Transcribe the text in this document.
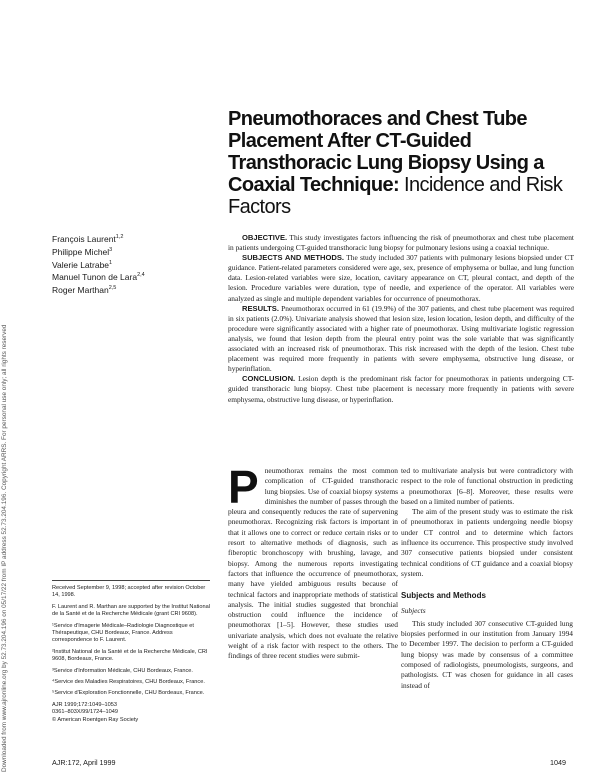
Downloaded from www.ajronline.org by 52.73.204.196 on 05/17/22 from IP address 52.73.204.196. Copyright ARRS. For personal use only; all rights reserved
Pneumothoraces and Chest Tube Placement After CT-Guided Transthoracic Lung Biopsy Using a Coaxial Technique: Incidence and Risk Factors
François Laurent$^{1,2}$
Philippe Michel$^3$
Valerie Latrabe$^1$
Manuel Tunon de Lara$^{2,4}$
Roger Marthan$^{2,5}$

OBJECTIVE. This study investigates factors influencing the risk of pneumothorax and chest tube placement in patients undergoing CT-guided transthoracic lung biopsy for pulmonary lesions using a coaxial technique.

SUBJECTS AND METHODS. The study included 307 patients with pulmonary lesions biopsied under CT guidance. Patient-related parameters considered were age, sex, presence of emphysema or bullae, and lung function data. Lesion-related variables were size, location, cavitary appearance on CT, pleural contact, and depth of the lesion. Procedure variables were duration, type of needle, and experience of the operator. All variables were analyzed as single and multiple dependent variables for occurrence of pneumothorax.

RESULTS. Pneumothorax occurred in 61 (19.9%) of the 307 patients, and chest tube placement was required in six patients (2.0%). Univariate analysis showed that lesion size, lesion location, lesion depth, and difficulty of the procedure were significantly associated with a higher rate of pneumothorax. Using multivariate logistic regression analysis, we found that lesion depth from the pleural entry point was the sole variable that was significantly associated with an increased risk of pneumothorax. This risk increased with the depth of the lesion. Chest tube placement was required more frequently in patients with severe emphysema, obstructive lung disease, or hyperinflation.

CONCLUSION. Lesion depth is the predominant risk factor for pneumothorax in patients undergoing CT-guided transthoracic lung biopsy. Chest tube placement is necessary more frequently in patients with severe emphysema, obstructive lung disease, or hyperinflation.

Pneumothorax remains the most common complication of CT-guided transthoracic lung biopsies. Use of coaxial biopsy systems diminishes the number of passes through the pleura and consequently reduces the rate of supervening pneumothorax. Recognizing risk factors is important in that it allows one to correct or reduce certain risks or to resort to alternative methods of diagnosis, such as fiberoptic bronchoscopy with brushing, lavage, and biopsy. Among the numerous reports investigating factors that influence the occurrence of pneumothorax, many have yielded ambiguous results because of technical factors and inappropriate methods of statistical analysis. The initial studies suggested that bronchial obstruction could influence the incidence of pneumothorax [1–5]. However, these studies used univariate analysis, which does not evaluate the relative weight of a risk factor with respect to the others. The findings of three recent studies were submit-

ted to multivariate analysis but were contradictory with respect to the role of functional obstruction in predicting a pneumothorax [6–8]. Moreover, these results were based on a limited number of patients.

The aim of the present study was to estimate the risk of pneumothorax in patients undergoing needle biopsy under CT control and to determine which factors influence its occurrence. This prospective study involved 307 consecutive patients biopsied under consistent technical conditions of CT guidance and a coaxial biopsy system.

Subjects and Methods
Subjects

This study included 307 consecutive CT-guided lung biopsies performed in our institution from January 1994 to December 1997. The decision to perform a CT-guided lung biopsy was made by consensus of a committee composed of radiologists, pneumologists, surgeons, and pathologists. CT was chosen for guidance in all cases instead of

Received September 9, 1998; accepted after revision October 14, 1998.

F. Laurent and R. Marthan are supported by the Institut National de la Santé et de la Recherche Médicale (grant CRI 9608).

¹Service d'Imagerie Médicale–Radiologie Diagnostique et Thérapeutique, CHU Bordeaux, France. Address correspondence to F. Laurent.

²Institut National de la Santé et de la Recherche Médicale, CRI 9608, Bordeaux, France.

³Service d'Information Médicale, CHU Bordeaux, France.

⁴Service des Maladies Respiratoires, CHU Bordeaux, France.

⁵Service d'Exploration Fonctionnelle, CHU Bordeaux, France.

AJR 1999;172:1049–1053
0361–803X/99/1724–1049
© American Roentgen Ray Society
AJR:172, April 1999	1049
